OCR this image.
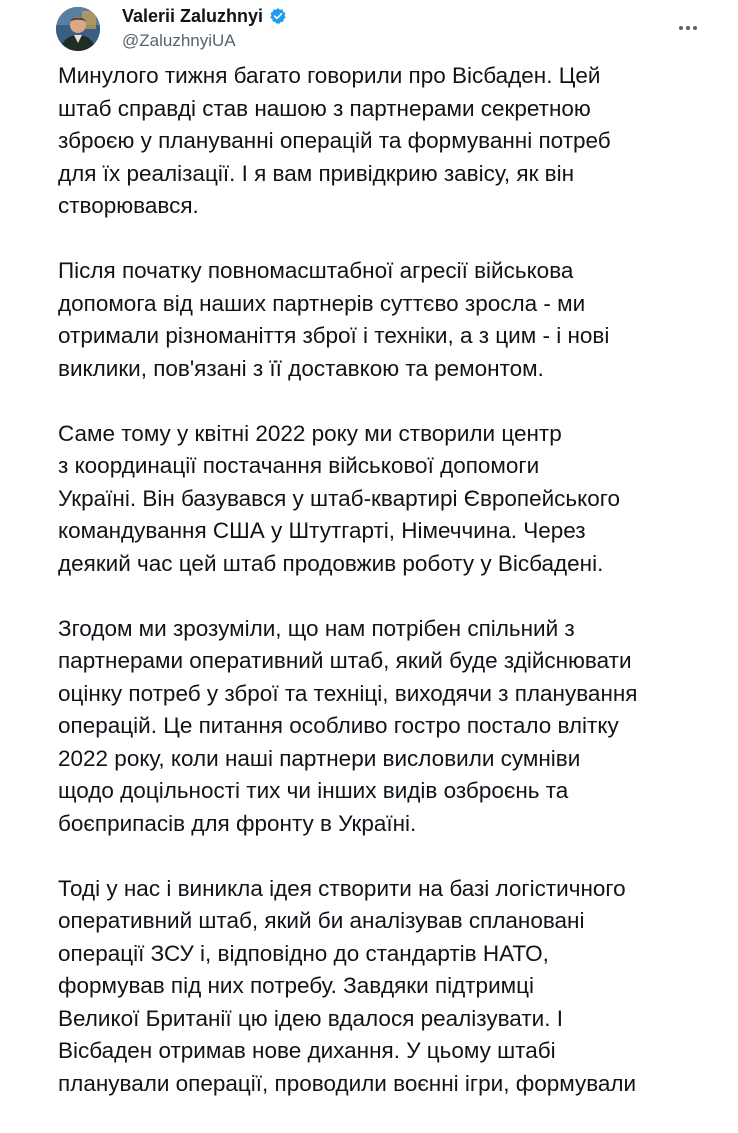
Valerii Zaluzhnyi
@ZaluzhnyiUA

Минулого тижня багато говорили про Вісбаден. Цей
штаб справді став нашою з партнерами секретною
зброєю у плануванні операцій та формуванні потреб
для їх реалізації. І я вам привідкрию завісу, як він
створювався.

Після початку повномасштабної агресії військова
допомога від наших партнерів суттєво зросла - ми
отримали різноманіття зброї і техніки, а з цим - і нові
виклики, пов'язані з її доставкою та ремонтом.

Саме тому у квітні 2022 року ми створили центр
з координації постачання військової допомоги
Україні. Він базувався у штаб-квартирі Європейського
командування США у Штутгарті, Німеччина. Через
деякий час цей штаб продовжив роботу у Вісбадені.

Згодом ми зрозуміли, що нам потрібен спільний з
партнерами оперативний штаб, який буде здійснювати
оцінку потреб у зброї та техніці, виходячи з планування
операцій. Це питання особливо гостро постало влітку
2022 року, коли наші партнери висловили сумніви
щодо доцільності тих чи інших видів озброєнь та
боєприпасів для фронту в Україні.

Тоді у нас і виникла ідея створити на базі логістичного
оперативний штаб, який би аналізував сплановані
операції ЗСУ і, відповідно до стандартів НАТО,
формував під них потребу. Завдяки підтримці
Великої Британії цю ідею вдалося реалізувати. І
Вісбаден отримав нове дихання. У цьому штабі
планували операції, проводили воєнні ігри, формували
